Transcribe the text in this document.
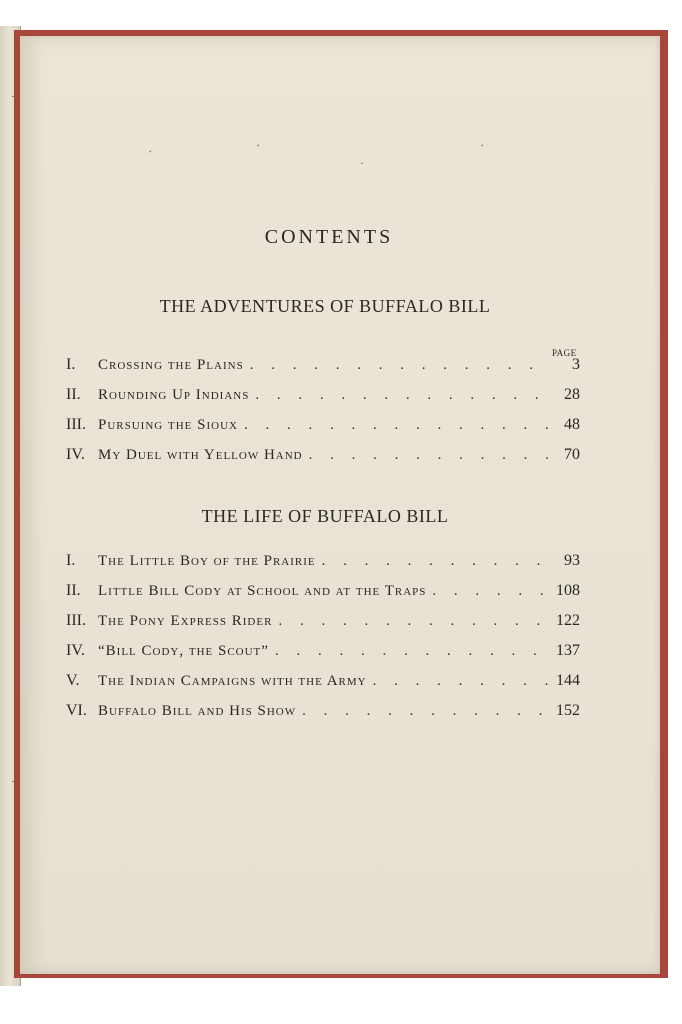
ˊ	ˊ
·
ˊ
CONTENTS
THE ADVENTURES OF BUFFALO BILL
PAGE
I.	Crossing the Plains . . .	3
II.	Rounding Up Indians . . .	28
III. Pursuing the Sioux . . .	48
IV. My Duel with Yellow Hand . . .	70
THE LIFE OF BUFFALO BILL
I.	The Little Boy of the Prairie . . .	93
II.	Little Bill Cody at School and at the Traps . . .	108
III. The Pony Express Rider . . .	122
IV. “Bill Cody, the Scout” . . .	137
V.	The Indian Campaigns with the Army . . .	144
VI. Buffalo Bill and His Show . . .	152
